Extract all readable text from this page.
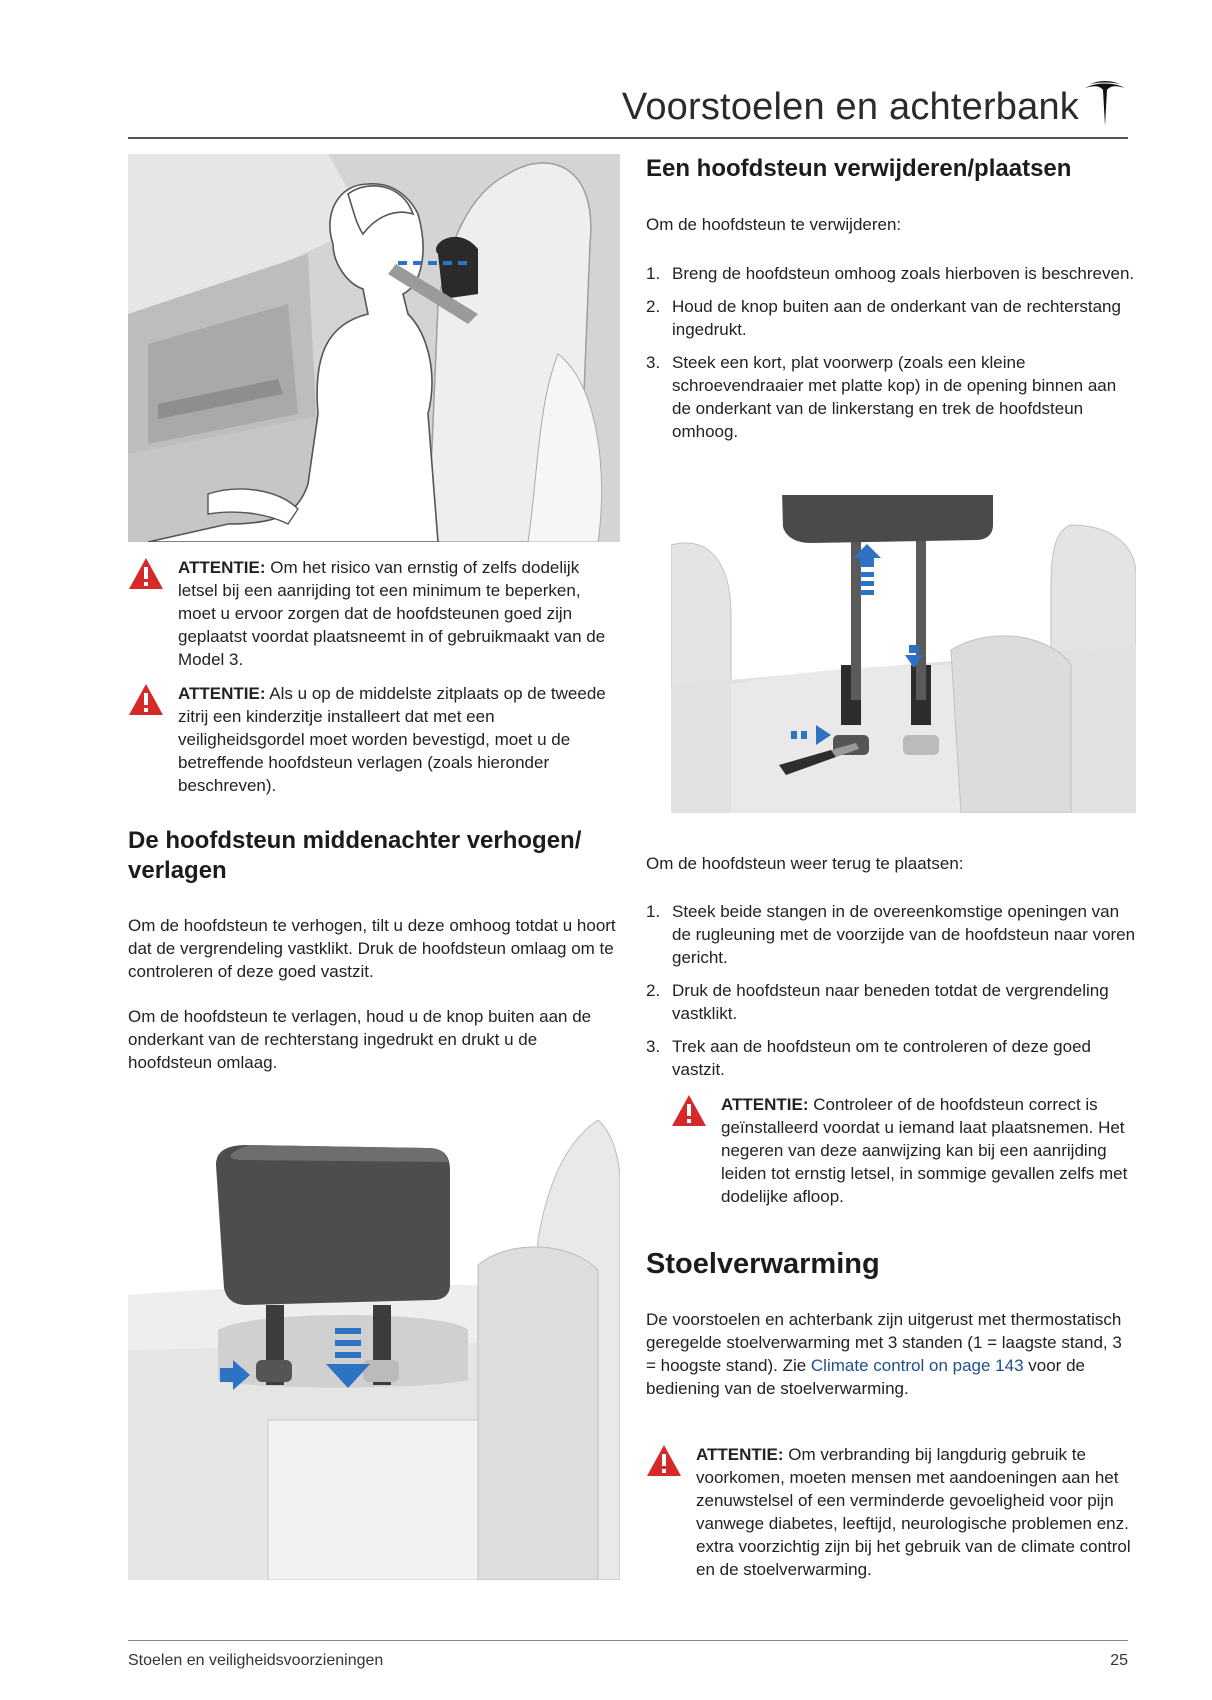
Voorstoelen en achterbank
ATTENTIE: Om het risico van ernstig of zelfs dodelijk letsel bij een aanrijding tot een minimum te beperken, moet u ervoor zorgen dat de hoofdsteunen goed zijn geplaatst voordat plaatsneemt in of gebruikmaakt van de Model 3.
ATTENTIE: Als u op de middelste zitplaats op de tweede zitrij een kinderzitje installeert dat met een veiligheidsgordel moet worden bevestigd, moet u de betreffende hoofdsteun verlagen (zoals hieronder beschreven).
De hoofdsteun middenachter verhogen/ verlagen

Om de hoofdsteun te verhogen, tilt u deze omhoog totdat u hoort dat de vergrendeling vastklikt. Druk de hoofdsteun omlaag om te controleren of deze goed vastzit.

Om de hoofdsteun te verlagen, houd u de knop buiten aan de onderkant van de rechterstang ingedrukt en drukt u de hoofdsteun omlaag.

Een hoofdsteun verwijderen/plaatsen

Om de hoofdsteun te verwijderen:

1. Breng de hoofdsteun omhoog zoals hierboven is beschreven.
2. Houd de knop buiten aan de onderkant van de rechterstang ingedrukt.
3. Steek een kort, plat voorwerp (zoals een kleine schroevendraaier met platte kop) in de opening binnen aan de onderkant van de linkerstang en trek de hoofdsteun omhoog.

Om de hoofdsteun weer terug te plaatsen:

1. Steek beide stangen in de overeenkomstige openingen van de rugleuning met de voorzijde van de hoofdsteun naar voren gericht.
2. Druk de hoofdsteun naar beneden totdat de vergrendeling vastklikt.
3. Trek aan de hoofdsteun om te controleren of deze goed vastzit.
ATTENTIE: Controleer of de hoofdsteun correct is geïnstalleerd voordat u iemand laat plaatsnemen. Het negeren van deze aanwijzing kan bij een aanrijding leiden tot ernstig letsel, in sommige gevallen zelfs met dodelijke afloop.
Stoelverwarming

De voorstoelen en achterbank zijn uitgerust met thermostatisch geregelde stoelverwarming met 3 standen (1 = laagste stand, 3 = hoogste stand). Zie Climate control on page 143 voor de bediening van de stoelverwarming.

ATTENTIE: Om verbranding bij langdurig gebruik te voorkomen, moeten mensen met aandoeningen aan het zenuwstelsel of een verminderde gevoeligheid voor pijn vanwege diabetes, leeftijd, neurologische problemen enz. extra voorzichtig zijn bij het gebruik van de climate control en de stoelverwarming.
Stoelen en veiligheidsvoorzieningen	25
